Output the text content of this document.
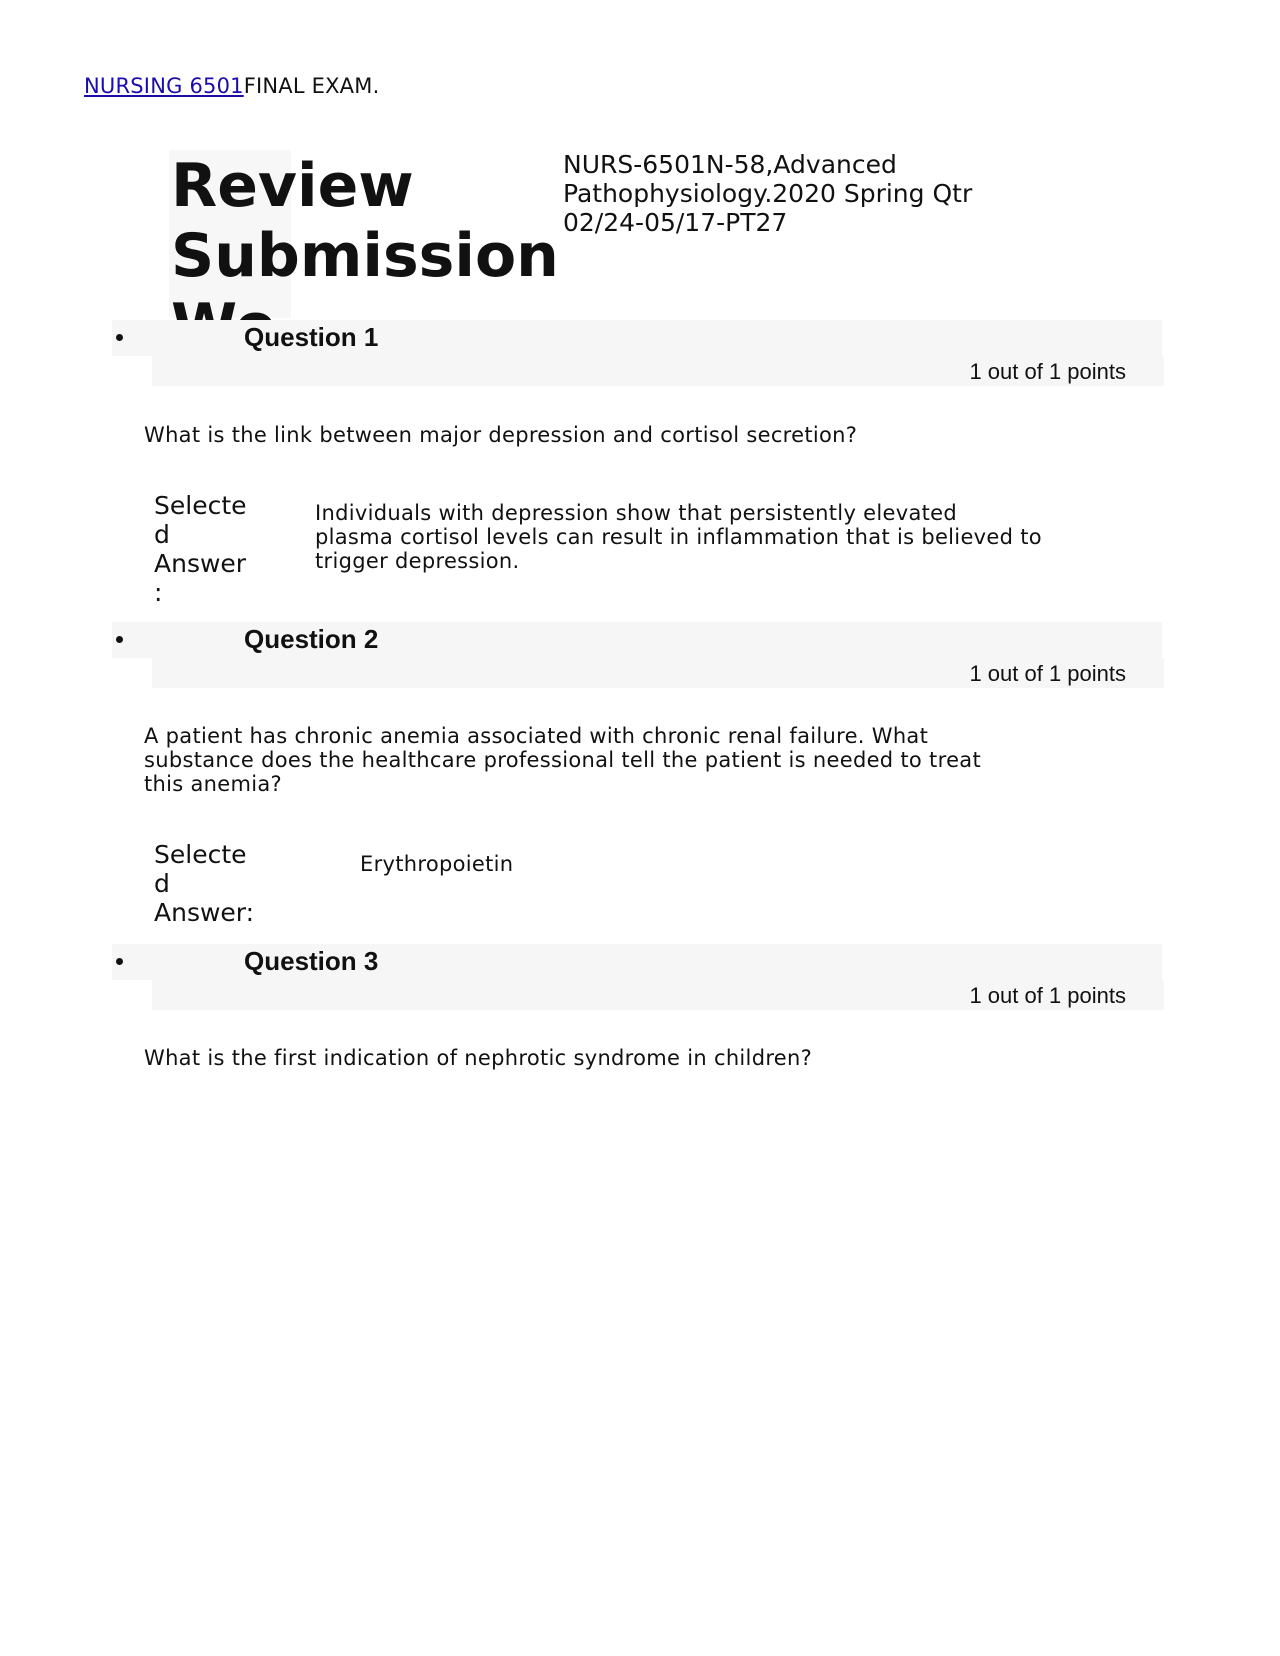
NURSING 6501FINAL EXAM.
Review
Submission
NURS-6501N-58,Advanced
Pathophysiology.2020 Spring Qtr
02/24-05/17-PT27
Question 1
1 out of 1 points
What is the link between major depression and cortisol secretion?
Selecte
d
Answer
:
Individuals with depression show that persistently elevated
plasma cortisol levels can result in inflammation that is believed to
trigger depression.
Question 2
1 out of 1 points
A patient has chronic anemia associated with chronic renal failure. What
substance does the healthcare professional tell the patient is needed to treat
this anemia?
Selecte
d
Answer:
Erythropoietin
Question 3
1 out of 1 points
What is the first indication of nephrotic syndrome in children?
